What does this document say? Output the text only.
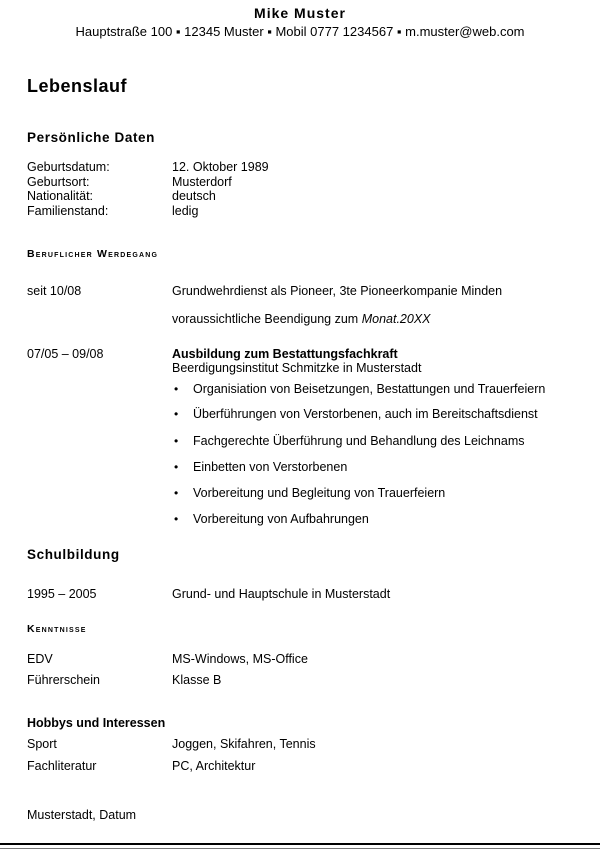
Mike Muster
Hauptstraße 100 ▪ 12345 Muster ▪ Mobil 0777 1234567 ▪ m.muster@web.com
Lebenslauf
Persönliche Daten
Geburtsdatum:	12. Oktober 1989
Geburtsort:	Musterdorf
Nationalität:	deutsch
Familienstand:	ledig
Beruflicher Werdegang
seit 10/08	Grundwehrdienst als Pioneer, 3te Pioneerkompanie Minden
voraussichtliche Beendigung zum Monat.20XX
07/05 – 09/08	Ausbildung zum Bestattungsfachkraft
Beerdigungsinstitut Schmitzke in Musterstadt
• Organisiation von Beisetzungen, Bestattungen und Trauerfeiern
• Überführungen von Verstorbenen, auch im Bereitschaftsdienst
• Fachgerechte Überführung und Behandlung des Leichnams
• Einbetten von Verstorbenen
• Vorbereitung und Begleitung von Trauerfeiern
• Vorbereitung von Aufbahrungen
Schulbildung
1995 – 2005	Grund- und Hauptschule in Musterstadt
Kenntnisse
EDV	MS-Windows, MS-Office
Führerschein	Klasse B
Hobbys und Interessen
Sport	Joggen, Skifahren, Tennis
Fachliteratur	PC, Architektur
Musterstadt, Datum
